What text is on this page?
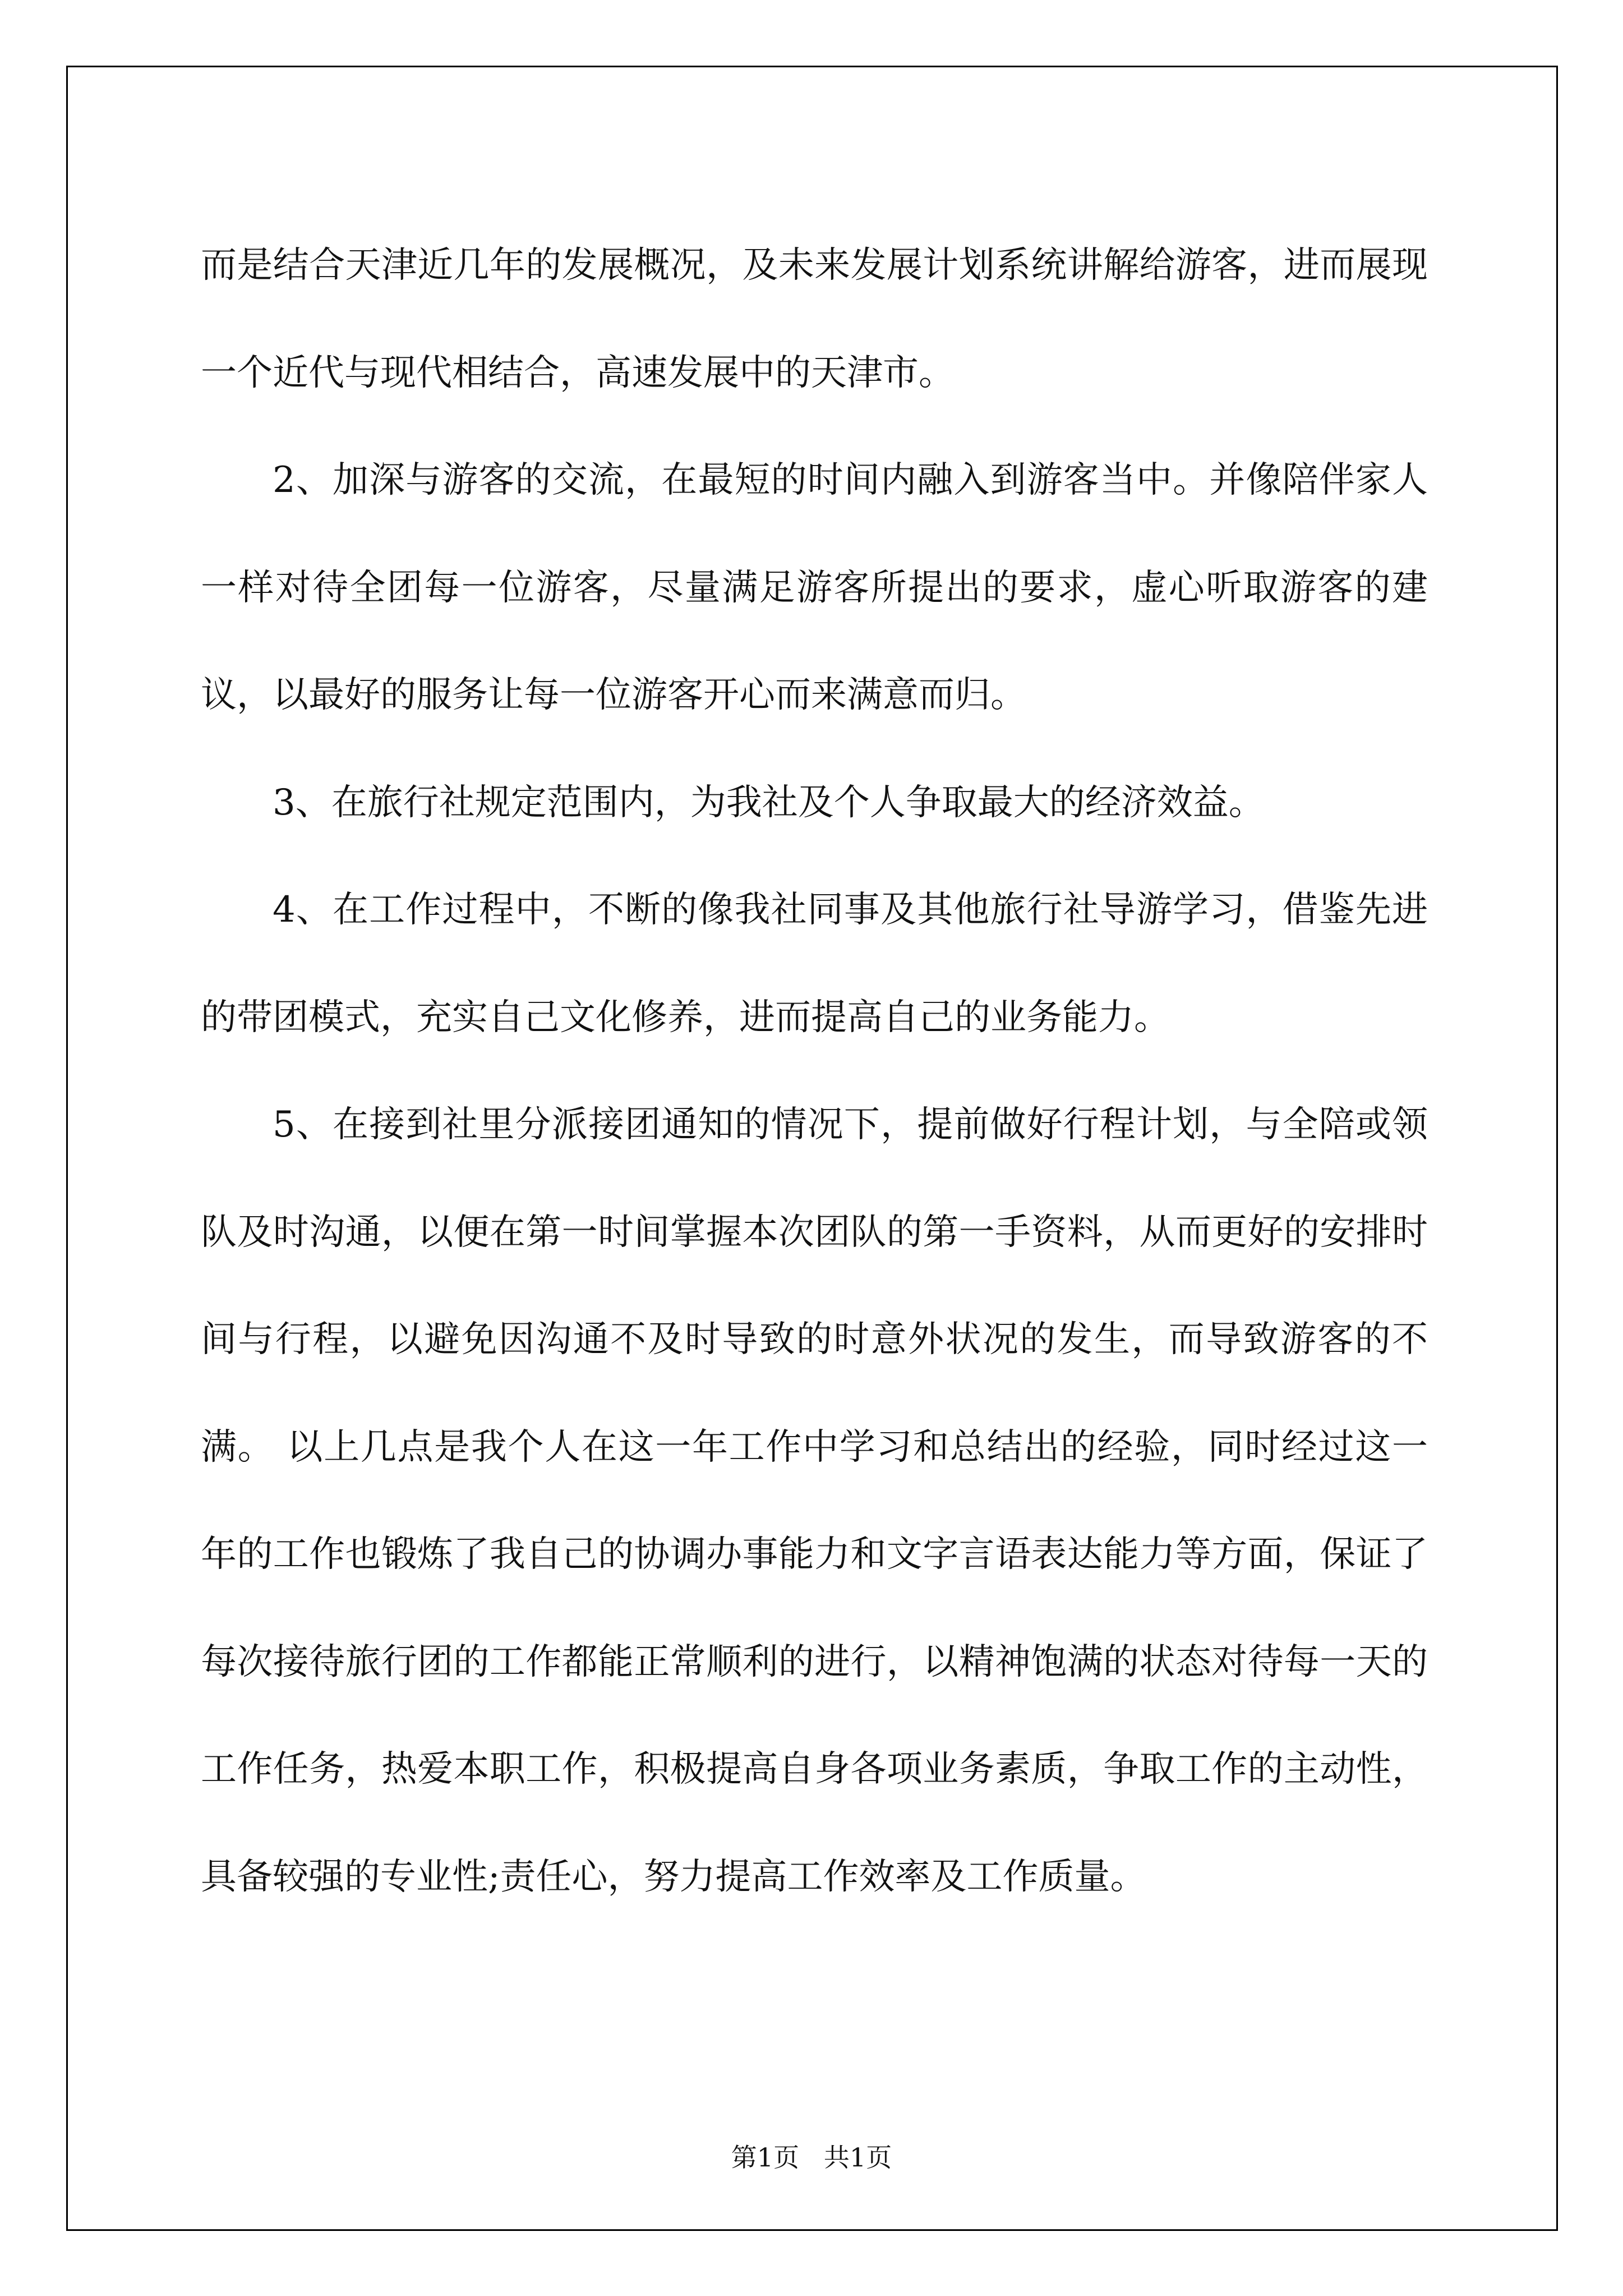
而是结合天津近几年的发展概况，及未来发展计划系统讲解给游客，进而展现一个近代与现代相结合，高速发展中的天津市。

2、加深与游客的交流，在最短的时间内融入到游客当中。并像陪伴家人一样对待全团每一位游客，尽量满足游客所提出的要求，虚心听取游客的建议，以最好的服务让每一位游客开心而来满意而归。

3、在旅行社规定范围内，为我社及个人争取最大的经济效益。

4、在工作过程中，不断的像我社同事及其他旅行社导游学习，借鉴先进的带团模式，充实自己文化修养，进而提高自己的业务能力。

5、在接到社里分派接团通知的情况下，提前做好行程计划，与全陪或领队及时沟通，以便在第一时间掌握本次团队的第一手资料，从而更好的安排时间与行程，以避免因沟通不及时导致的时意外状况的发生，而导致游客的不满。 以上几点是我个人在这一年工作中学习和总结出的经验，同时经过这一年的工作也锻炼了我自己的协调办事能力和文字言语表达能力等方面，保证了每次接待旅行团的工作都能正常顺利的进行，以精神饱满的状态对待每一天的工作任务，热爱本职工作，积极提高自身各项业务素质，争取工作的主动性，具备较强的专业性;责任心，努力提高工作效率及工作质量。

第1页   共1页
